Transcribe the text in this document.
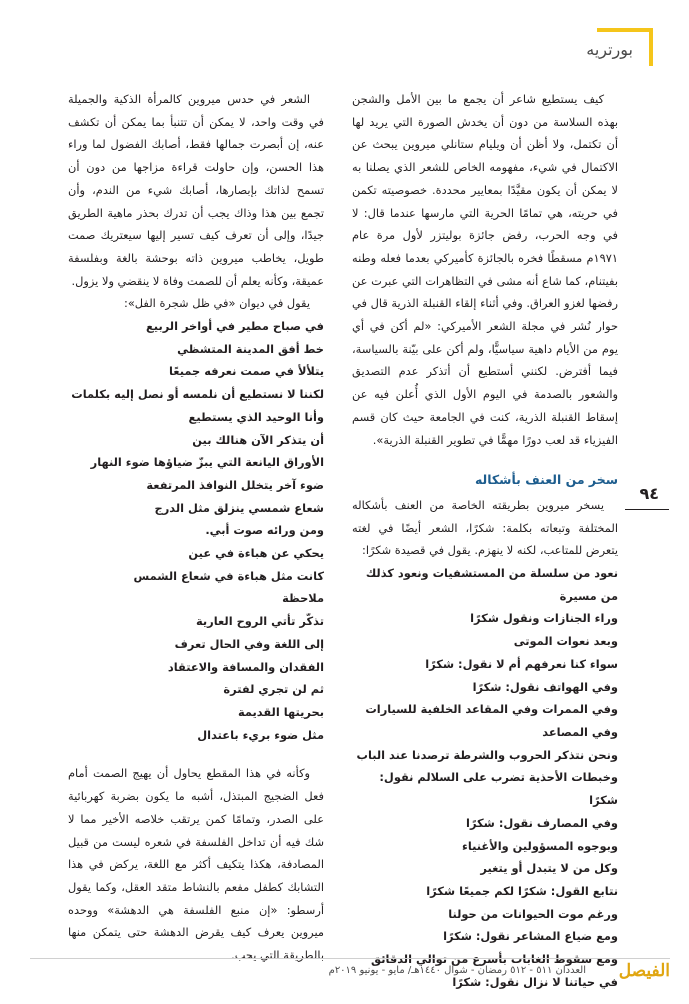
بورتريه
٩٤

كيف يستطيع شاعر أن يجمع ما بين الأمل والشجن بهذه السلاسة من دون أن يخدش الصورة التي يريد لها أن تكتمل، ولا أظن أن ويليام ستانلي ميروين يبحث عن الاكتمال في شيء، مفهومه الخاص للشعر الذي يصلنا به لا يمكن أن يكون مقيَّدًا بمعايير محددة. خصوصيته تكمن في حريته، هي تمامًا الحرية التي مارسها عندما قال: لا في وجه الحرب، رفض جائزة بوليتزر لأول مرة عام ١٩٧١م مسقطًا فخره بالجائزة كأميركي بعدما فعله وطنه بفيتنام، كما شاع أنه مشى في التظاهرات التي عبرت عن رفضها لغزو العراق. وفي أثناء إلقاء القنبلة الذرية قال في حوار نُشر في مجلة الشعر الأميركي: «لم أكن في أي يوم من الأيام داهية سياسيًّا، ولم أكن على بيّنة بالسياسة، فيما أفترض. لكنني أستطيع أن أتذكر عدم التصديق والشعور بالصدمة في اليوم الأول الذي أُعلن فيه عن إسقاط القنبلة الذرية، كنت في الجامعة حيث كان قسم الفيزياء قد لعب دورًا مهمًّا في تطوير القنبلة الذرية».

سخر من العنف بأشكاله

يسخر ميروين بطريقته الخاصة من العنف بأشكاله المختلفة وتبعاته بكلمة: شكرًا، الشعر أيضًا في لغته يتعرض للمتاعب، لكنه لا ينهزم. يقول في قصيدة شكرًا:

نعود من سلسلة من المستشفيات ونعود كذلك من مسيرة
وراء الجنازات ونقول شكرًا
وبعد نعوات الموتى
سواء كنا نعرفهم أم لا نقول: شكرًا
وفي الهواتف نقول: شكرًا
وفي الممرات وفي المقاعد الخلفية للسيارات وفي المصاعد
ونحن نتذكر الحروب والشرطة ترصدنا عند الباب
وخبطات الأحذية تضرب على السلالم نقول: شكرًا
وفي المصارف نقول: شكرًا
وبوجوه المسؤولين والأغنياء
وكل من لا يتبدل أو يتغير
نتابع القول: شكرًا لكم جميعًا شكرًا
ورغم موت الحيوانات من حولنا
ومع ضياع المشاعر نقول: شكرًا
ومع سقوط الغابات بأسرع من توالي الدقائق
في حياتنا لا نزال نقول: شكرًا

الشعر في حدس ميروين كالمرأة الذكية والجميلة في وقت واحد، لا يمكن أن تتنبأ بما يمكن أن تكشف عنه، إن أبصرت جمالها فقط، أصابك الفضول لما وراء هذا الحسن، وإن حاولت قراءة مزاجها من دون أن تسمح لذاتك بإبصارها، أصابك شيء من الندم، وأن تجمع بين هذا وذاك يجب أن تدرك بحذر ماهية الطريق جيدًا، وإلى أن تعرف كيف تسير إليها سيعتريك صمت طويل، يخاطب ميروين ذاته بوحشة بالغة وبفلسفة عميقة، وكأنه يعلم أن للصمت وفاة لا ينقضي ولا يزول.

يقول في ديوان «في ظل شجرة الفل»:

في صباح مطير في أواخر الربيع
خط أفق المدينة المتشظي
يتلألأ في صمت نعرفه جميعًا
لكننا لا نستطيع أن نلمسه أو نصل إليه بكلمات
وأنا الوحيد الذي يستطيع
أن يتذكر الآن هنالك بين
الأوراق اليانعة التي يبزّ ضياؤها ضوء النهار
ضوء آخر يتخلل النوافذ المرتفعة
شعاع شمسي ينزلق مثل الدرج
ومن ورائه صوت أبي.
يحكي عن هباءة في عين
كانت مثل هباءة في شعاع الشمس
ملاحظة
تذكّر تأتي الروح العارية
إلى اللغة وفي الحال تعرف
الفقدان والمسافة والاعتقاد
ثم لن تجري لفترة
بحريتها القديمة
مثل ضوء بريء باعتدال

وكأنه في هذا المقطع يحاول أن يهيج الصمت أمام فعل الضجيج المبتذل، أشبه ما يكون بضربة كهربائية على الصدر، وتمامًا كمن يرتقب خلاصه الأخير مما لا شك فيه أن تداخل الفلسفة في شعره ليست من قبيل المصادفة، هكذا يتكيف أكثر مع اللغة، يركض في هذا التشابك كطفل مفعم بالنشاط متقد العقل، وكما يقول أرسطو: «إن منبع الفلسفة هي الدهشة» ووحده ميروين يعرف كيف يقرض الدهشة حتى يتمكن منها بالطريقة التي يحب.

الفيصل
العددان ٥١١ - ٥١٢ رمضان - شوال ١٤٤٠هـ/ مايو - يونيو ٢٠١٩م
